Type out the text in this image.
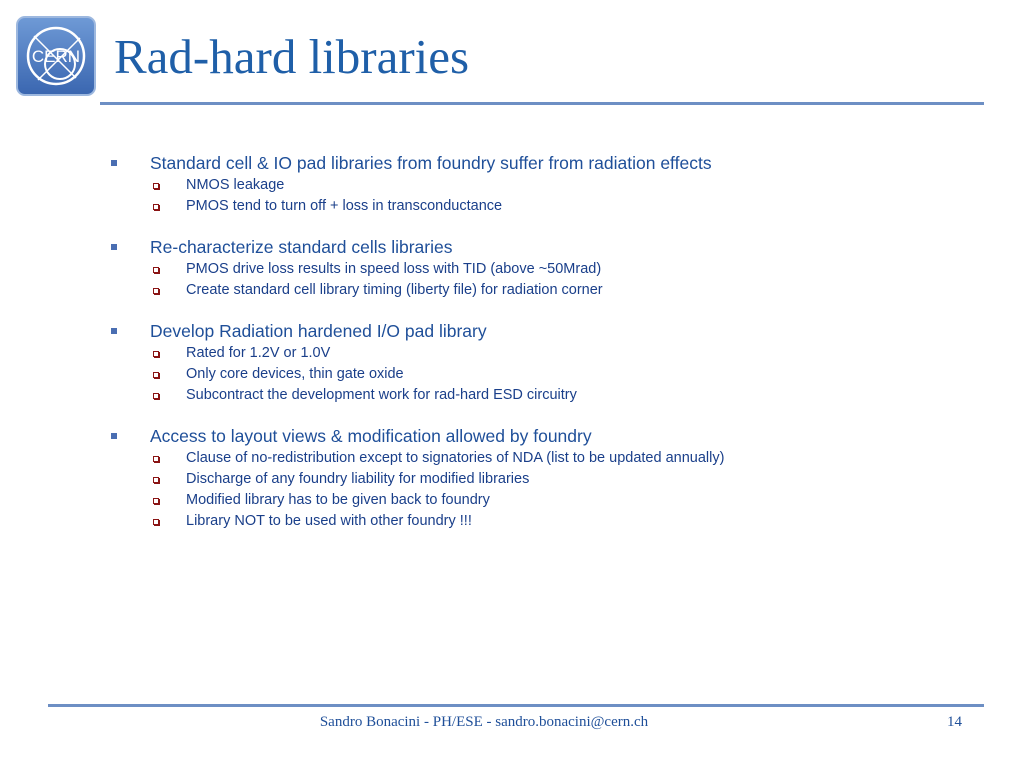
CERN Rad-hard libraries
Standard cell & IO pad libraries from foundry suffer from radiation effects
NMOS leakage
PMOS tend to turn off + loss in transconductance
Re-characterize standard cells libraries
PMOS drive loss results in speed loss with TID (above ~50Mrad)
Create standard cell library timing (liberty file) for radiation corner
Develop Radiation hardened I/O pad library
Rated for 1.2V or 1.0V
Only core devices, thin gate oxide
Subcontract the development work for rad-hard ESD circuitry
Access to layout views & modification allowed by foundry
Clause of no-redistribution except to signatories of NDA (list to be updated annually)
Discharge of any foundry liability for modified libraries
Modified library has to be given back to foundry
Library NOT to be used with other foundry !!!
Sandro Bonacini - PH/ESE - sandro.bonacini@cern.ch	14
